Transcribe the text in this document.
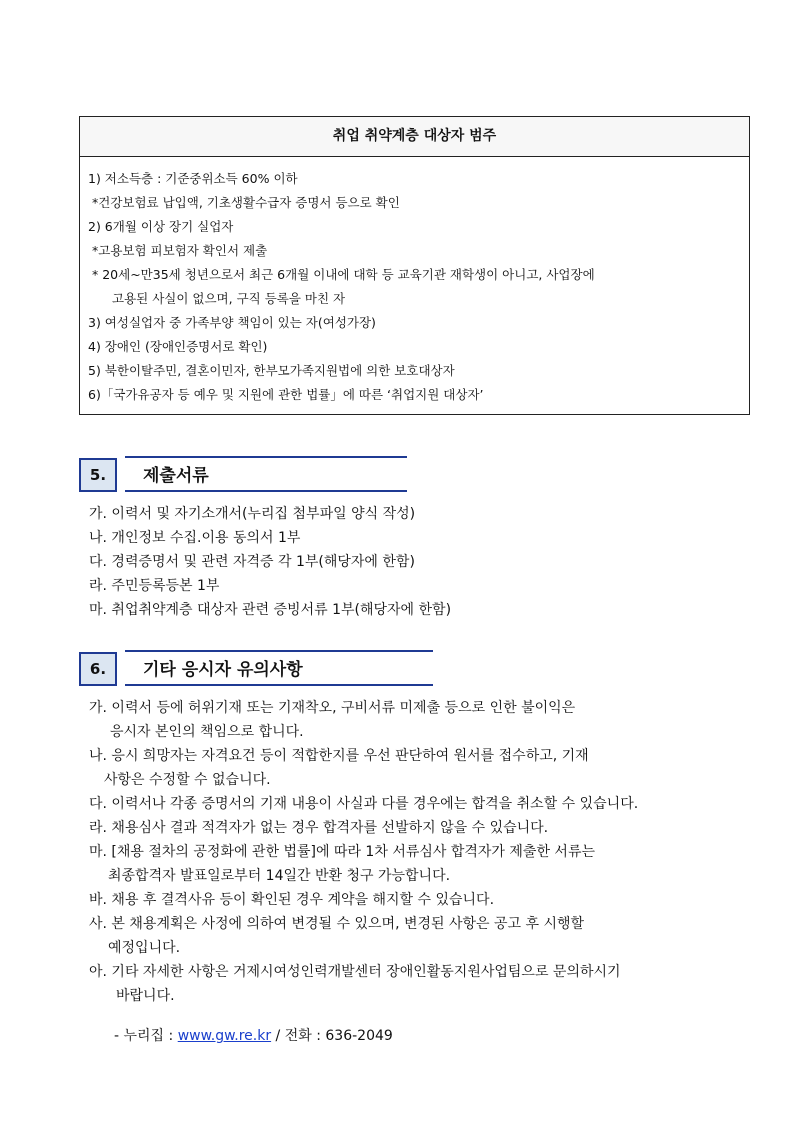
취업 취약계층 대상자 범주
1) 저소득층 : 기준중위소득 60% 이하
*건강보험료 납입액, 기초생활수급자 증명서 등으로 확인
2) 6개월 이상 장기 실업자
*고용보험 피보험자 확인서 제출
* 20세~만35세 청년으로서 최근 6개월 이내에 대학 등 교육기관 재학생이 아니고, 사업장에
고용된 사실이 없으며, 구직 등록을 마친 자
3) 여성실업자 중 가족부양 책임이 있는 자(여성가장)
4) 장애인 (장애인증명서로 확인)
5) 북한이탈주민, 결혼이민자, 한부모가족지원법에 의한 보호대상자
6)「국가유공자 등 예우 및 지원에 관한 법률」에 따른 ‘취업지원 대상자’
5.	제출서류
가. 이력서 및 자기소개서(누리집 첨부파일 양식 작성)
나. 개인정보 수집.이용 동의서 1부
다. 경력증명서 및 관련 자격증 각 1부(해당자에 한함)
라. 주민등록등본 1부
마. 취업취약계층 대상자 관련 증빙서류 1부(해당자에 한함)
6.	기타 응시자 유의사항
가. 이력서 등에 허위기재 또는 기재착오, 구비서류 미제출 등으로 인한 불이익은
응시자 본인의 책임으로 합니다.
나. 응시 희망자는 자격요건 등이 적합한지를 우선 판단하여 원서를 접수하고, 기재
사항은 수정할 수 없습니다.
다. 이력서나 각종 증명서의 기재 내용이 사실과 다를 경우에는 합격을 취소할 수 있습니다.
라. 채용심사 결과 적격자가 없는 경우 합격자를 선발하지 않을 수 있습니다.
마. [채용 절차의 공정화에 관한 법률]에 따라 1차 서류심사 합격자가 제출한 서류는
최종합격자 발표일로부터 14일간 반환 청구 가능합니다.
바. 채용 후 결격사유 등이 확인된 경우 계약을 해지할 수 있습니다.
사. 본 채용계획은 사정에 의하여 변경될 수 있으며, 변경된 사항은 공고 후 시행할
예정입니다.
아. 기타 자세한 사항은 거제시여성인력개발센터 장애인활동지원사업팀으로 문의하시기
바랍니다.
- 누리집 : www.gw.re.kr / 전화 : 636-2049
